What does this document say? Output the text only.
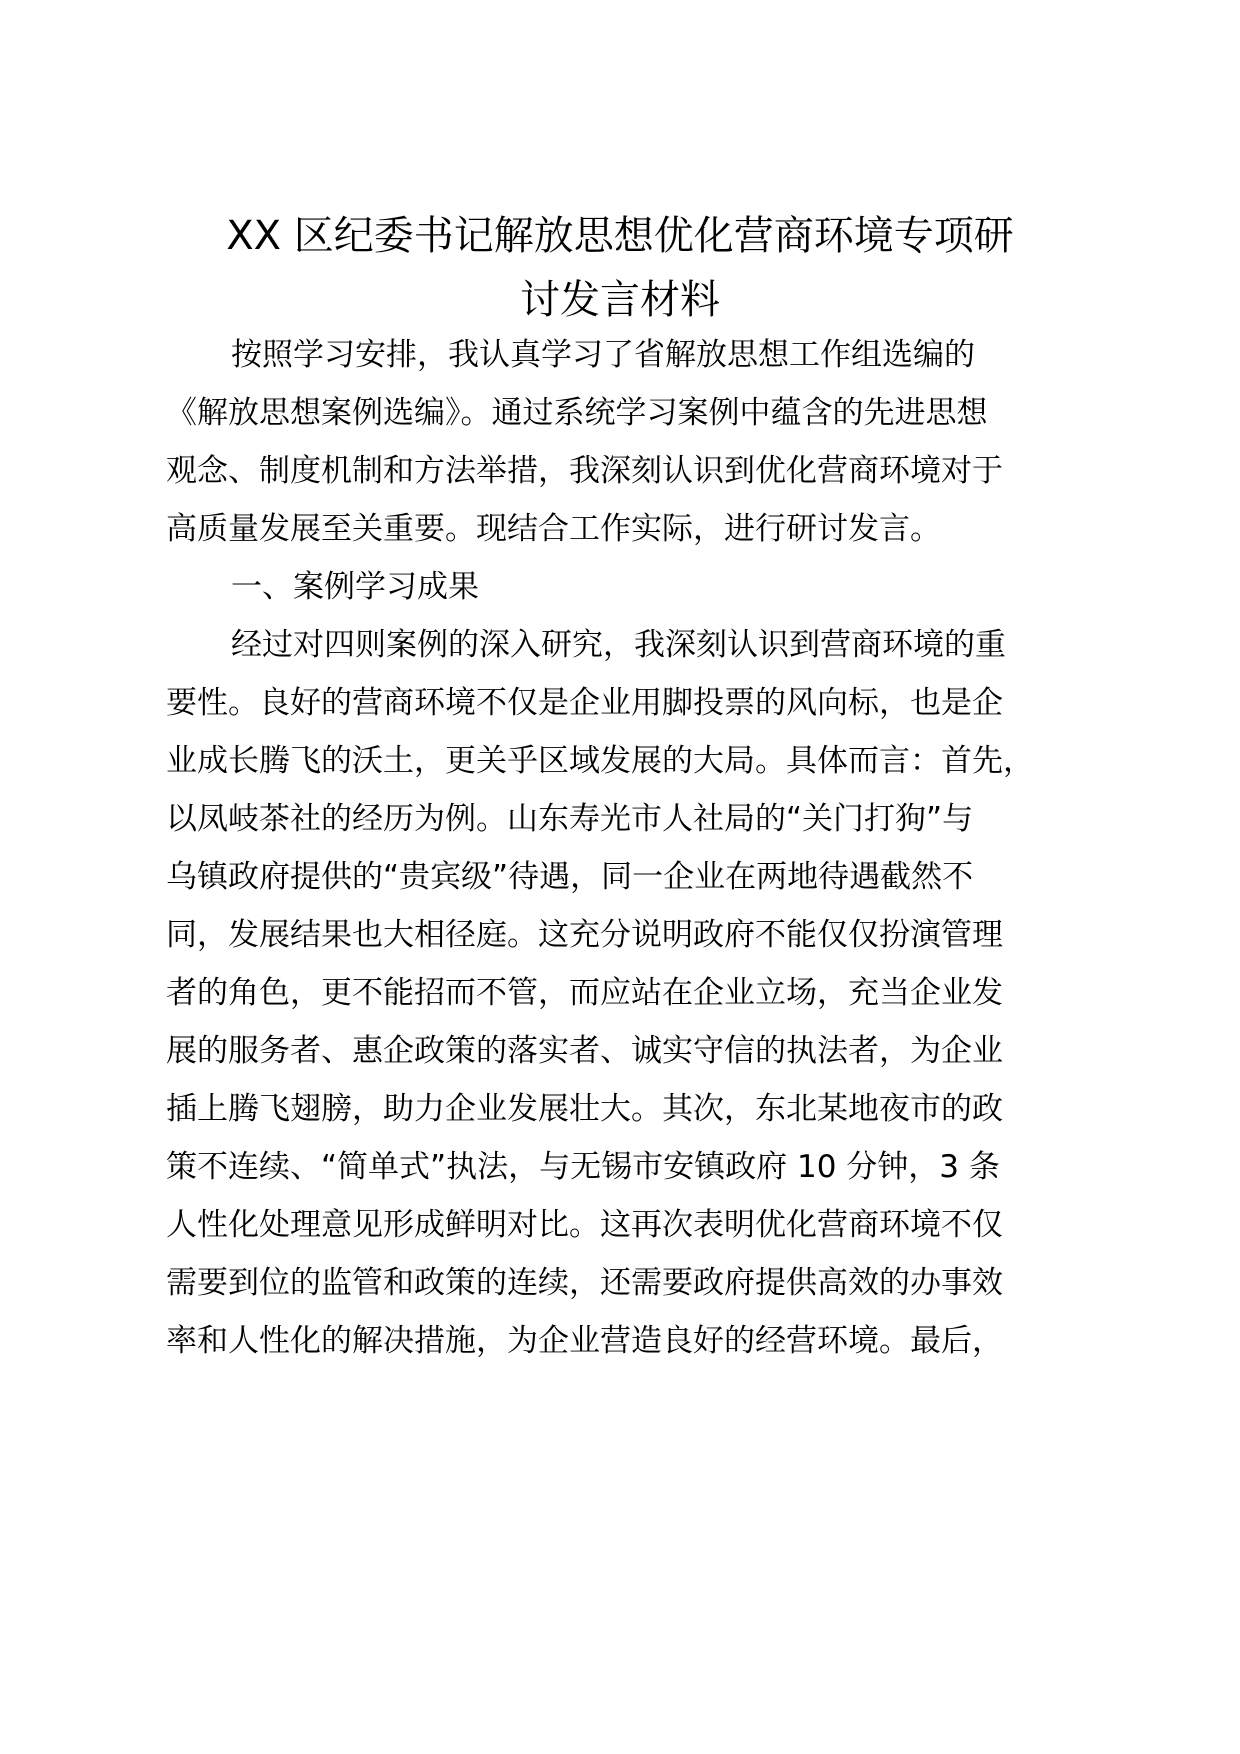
XX 区纪委书记解放思想优化营商环境专项研
讨发言材料
按照学习安排，我认真学习了省解放思想工作组选编的
《解放思想案例选编》。通过系统学习案例中蕴含的先进思想
观念、制度机制和方法举措，我深刻认识到优化营商环境对于
高质量发展至关重要。现结合工作实际，进行研讨发言。
一、案例学习成果
经过对四则案例的深入研究，我深刻认识到营商环境的重
要性。良好的营商环境不仅是企业用脚投票的风向标，也是企
业成长腾飞的沃土，更关乎区域发展的大局。具体而言：首先，
以凤岐茶社的经历为例。山东寿光市人社局的“关门打狗”与
乌镇政府提供的“贵宾级”待遇，同一企业在两地待遇截然不
同，发展结果也大相径庭。这充分说明政府不能仅仅扮演管理
者的角色，更不能招而不管，而应站在企业立场，充当企业发
展的服务者、惠企政策的落实者、诚实守信的执法者，为企业
插上腾飞翅膀，助力企业发展壮大。其次，东北某地夜市的政
策不连续、“简单式”执法，与无锡市安镇政府 10 分钟，3 条
人性化处理意见形成鲜明对比。这再次表明优化营商环境不仅
需要到位的监管和政策的连续，还需要政府提供高效的办事效
率和人性化的解决措施，为企业营造良好的经营环境。最后，
